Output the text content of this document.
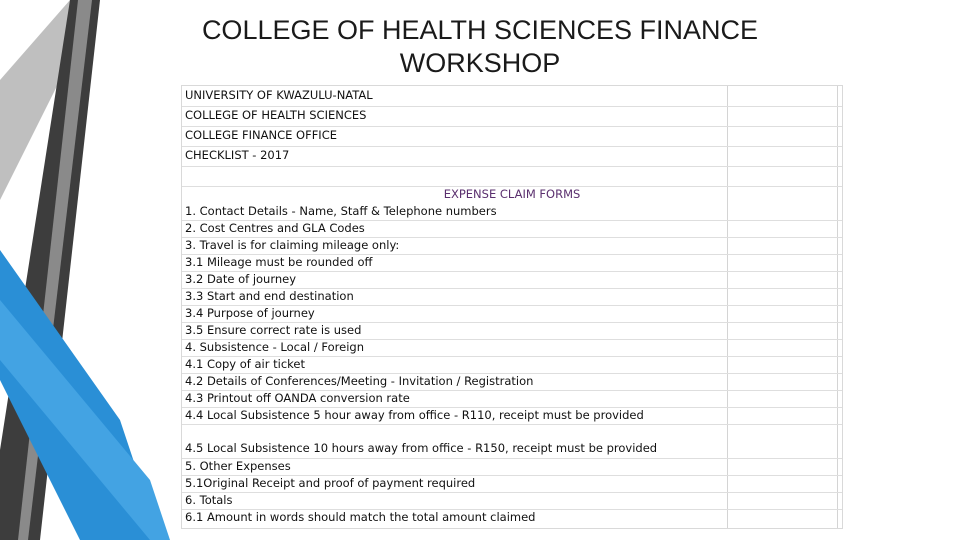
COLLEGE OF HEALTH SCIENCES FINANCE
WORKSHOP
UNIVERSITY OF KWAZULU-NATAL
COLLEGE OF HEALTH SCIENCES
COLLEGE FINANCE OFFICE
CHECKLIST - 2017
EXPENSE CLAIM FORMS
1. Contact Details - Name, Staff & Telephone numbers
2. Cost Centres and GLA Codes
3. Travel is for claiming mileage only:
3.1 Mileage must be rounded off
3.2 Date of journey
3.3 Start and end destination
3.4 Purpose of journey
3.5 Ensure correct rate is used
4. Subsistence - Local / Foreign
4.1 Copy of air ticket
4.2 Details of Conferences/Meeting - Invitation / Registration
4.3 Printout off OANDA conversion rate
4.4 Local Subsistence 5 hour away from office - R110, receipt must be provided
4.5 Local Subsistence 10 hours away from office - R150, receipt must be provided
5. Other Expenses
5.1Original Receipt and proof of payment required
6. Totals
6.1 Amount in words should match the total amount claimed
